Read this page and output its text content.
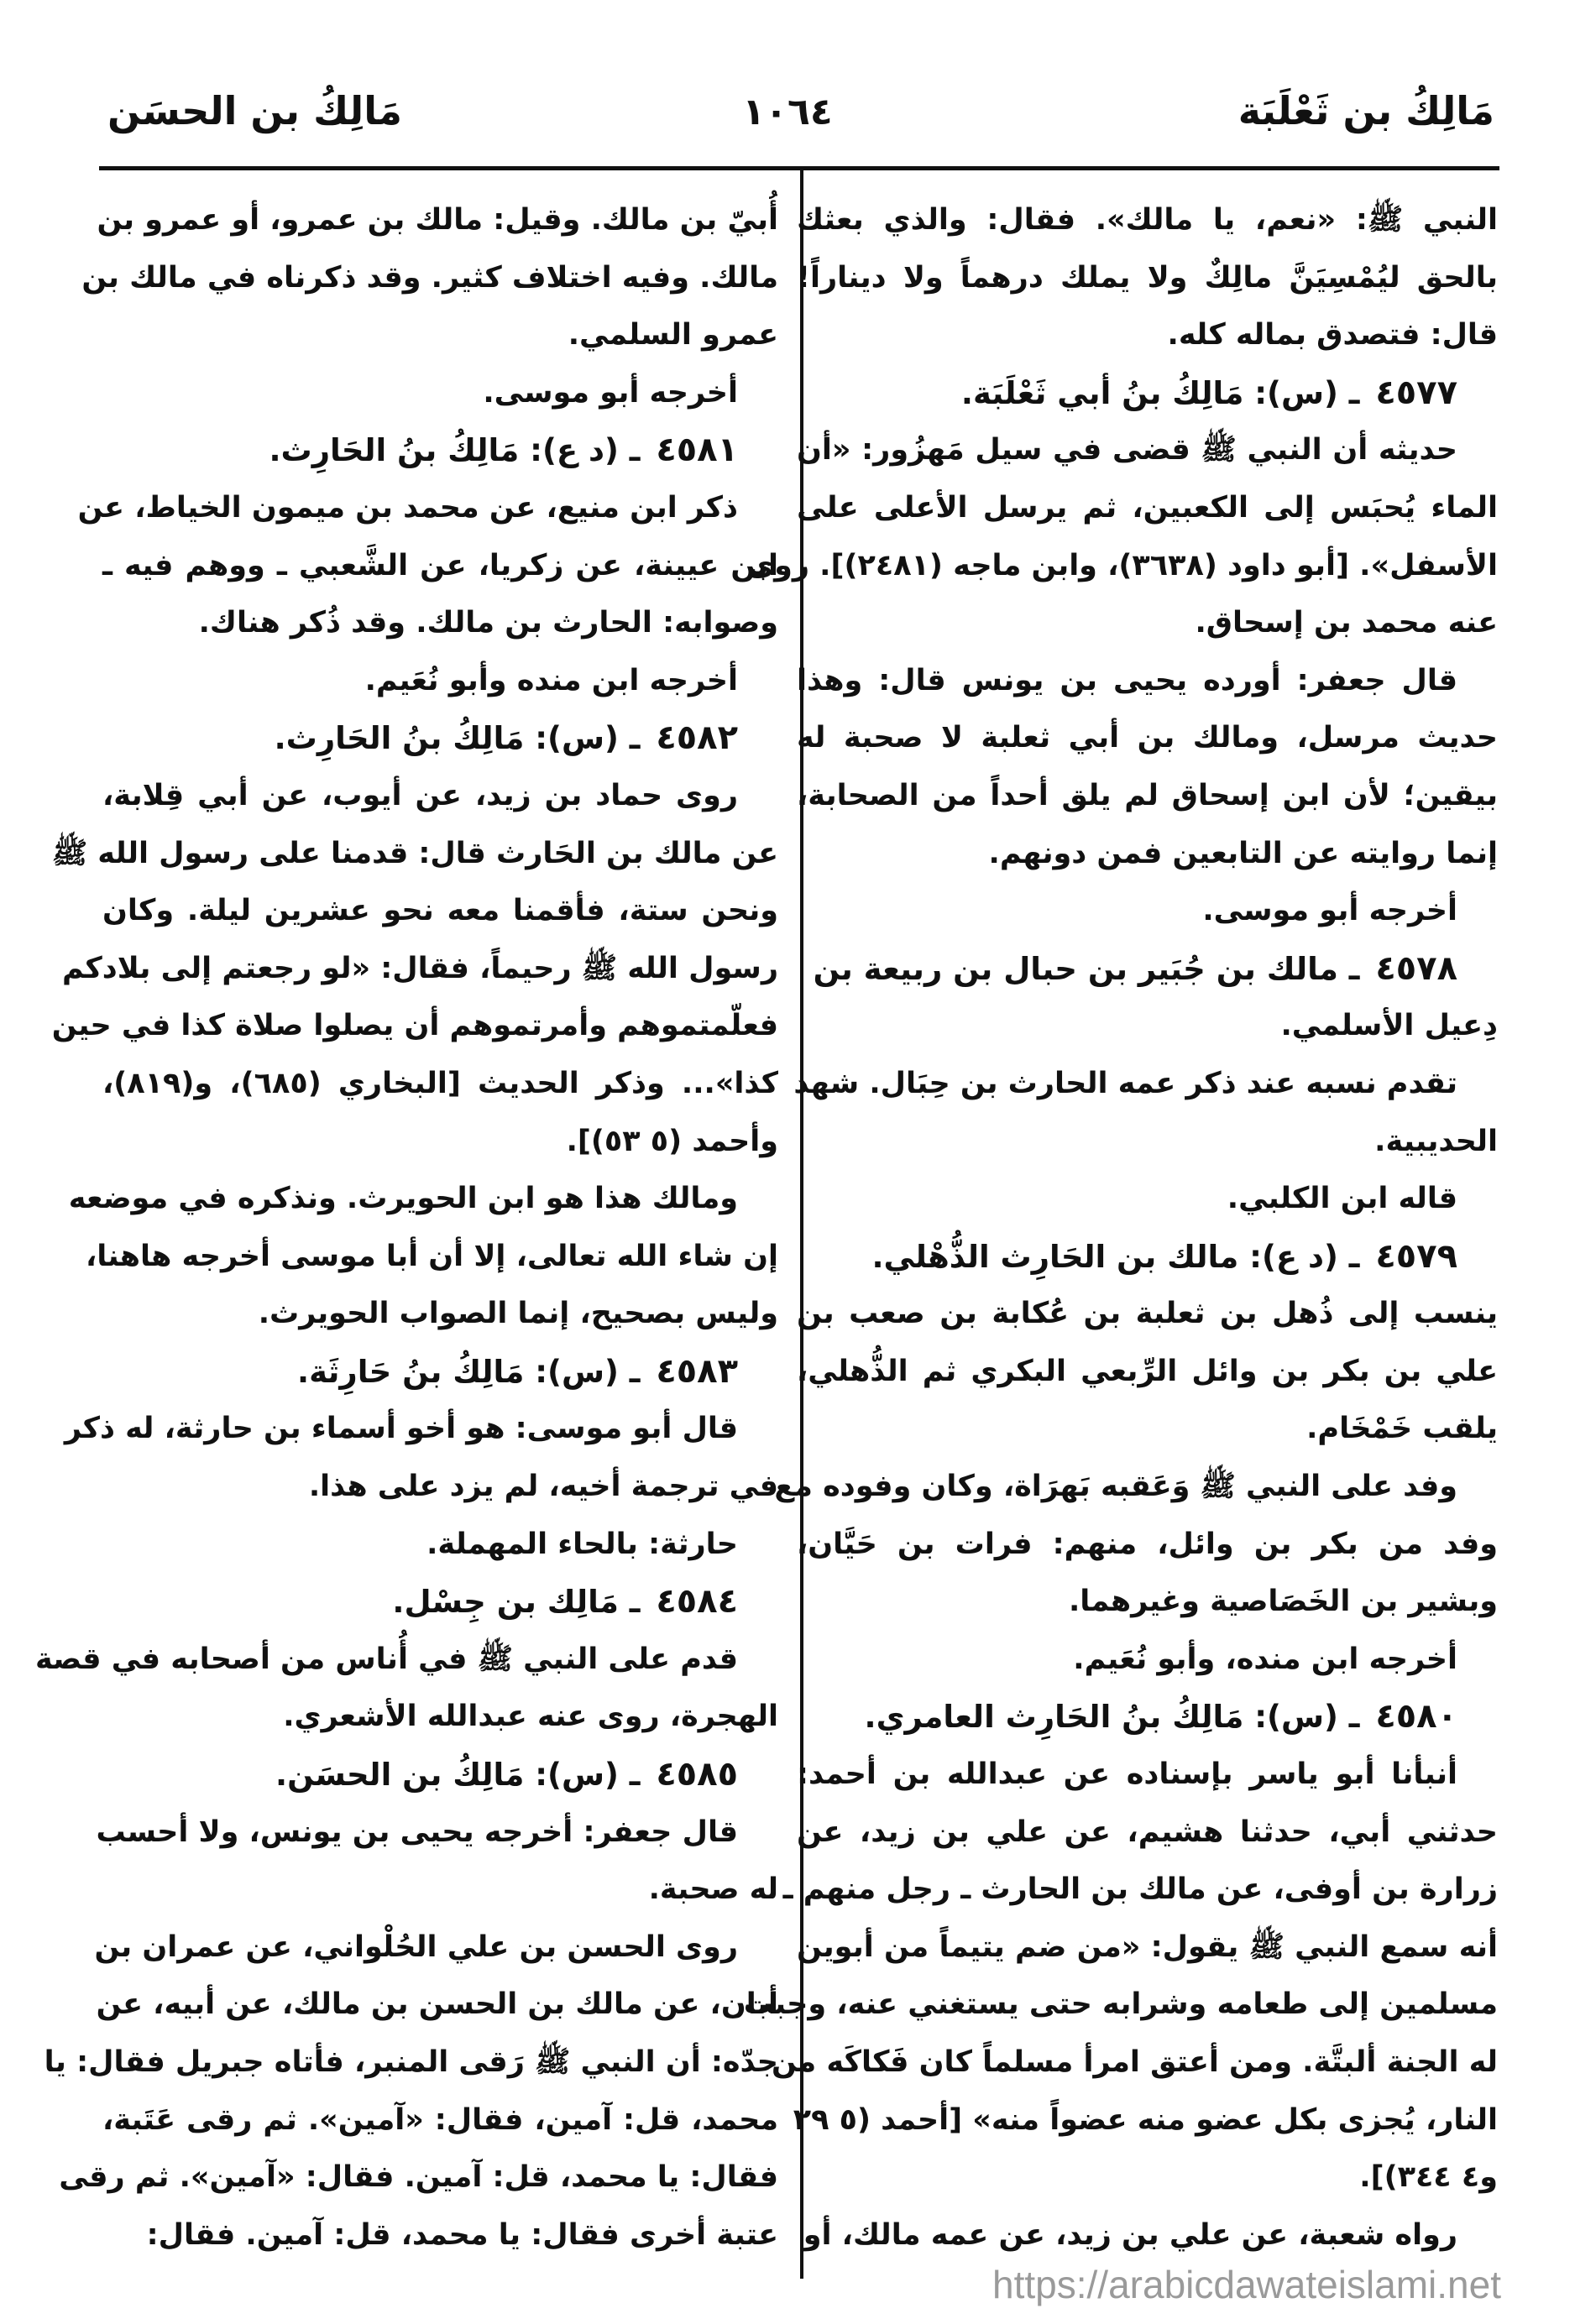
مَالِكُ بن ثَعْلَبَة
١٠٦٤
مَالِكُ بن الحسَن
النبي ﷺ: «نعم، يا مالك». فقال: والذي بعثك
بالحق ليُمْسِيَنَّ مالِكٌ ولا يملك درهماً ولا ديناراً!
قال: فتصدق بماله كله.
٤٥٧٧ ـ (س): مَالِكُ بنُ أبي ثَعْلَبَة.
حديثه أن النبي ﷺ قضى في سيل مَهزُور: «أن
الماء يُحبَس إلى الكعبين، ثم يرسل الأعلى على
الأسفل». [أبو داود (٣٦٣٨)، وابن ماجه (٢٤٨١)]. روى
عنه محمد بن إسحاق.
قال جعفر: أورده يحيى بن يونس قال: وهذا
حديث مرسل، ومالك بن أبي ثعلبة لا صحبة له
بيقين؛ لأن ابن إسحاق لم يلق أحداً من الصحابة،
إنما روايته عن التابعين فمن دونهم.
أخرجه أبو موسى.
٤٥٧٨ ـ مالك بن جُبَير بن حبال بن ربيعة بن
دِعيل الأسلمي.
تقدم نسبه عند ذكر عمه الحارث بن حِبَال. شهد
الحديبية.
قاله ابن الكلبي.
٤٥٧٩ ـ (د ع): مالك بن الحَارِث الذُّهْلي.
ينسب إلى ذُهل بن ثعلبة بن عُكابة بن صعب بن
علي بن بكر بن وائل الرِّبعي البكري ثم الذُّهلي،
يلقب خَمْخَام.
وفد على النبي ﷺ وَعَقبه بَهرَاة، وكان وفوده مع
وفد من بكر بن وائل، منهم: فرات بن حَيَّان،
وبشير بن الخَصَاصية وغيرهما.
أخرجه ابن منده، وأبو نُعَيم.
٤٥٨٠ ـ (س): مَالِكُ بنُ الحَارِث العامري.
أنبأنا أبو ياسر بإسناده عن عبدالله بن أحمد:
حدثني أبي، حدثنا هشيم، عن علي بن زيد، عن
زرارة بن أوفى، عن مالك بن الحارث ـ رجل منهم ـ
أنه سمع النبي ﷺ يقول: «من ضم يتيماً من أبوين
مسلمين إلى طعامه وشرابه حتى يستغني عنه، وجبت
له الجنة ألبتَّة. ومن أعتق امرأ مسلماً كان فَكاكَه من
النار، يُجزى بكل عضو منه عضواً منه» [أحمد (٥ ٢٩
و٤ ٣٤٤)].
رواه شعبة، عن علي بن زيد، عن عمه مالك، أو
أُبيّ بن مالك. وقيل: مالك بن عمرو، أو عمرو بن
مالك. وفيه اختلاف كثير. وقد ذكرناه في مالك بن
عمرو السلمي.
أخرجه أبو موسى.
٤٥٨١ ـ (د ع): مَالِكُ بنُ الحَارِث.
ذكر ابن منيع، عن محمد بن ميمون الخياط، عن
ابن عيينة، عن زكريا، عن الشَّعبي ـ ووهم فيه ـ
وصوابه: الحارث بن مالك. وقد ذُكر هناك.
أخرجه ابن منده وأبو نُعَيم.
٤٥٨٢ ـ (س): مَالِكُ بنُ الحَارِث.
روى حماد بن زيد، عن أيوب، عن أبي قِلابة،
عن مالك بن الحَارث قال: قدمنا على رسول الله ﷺ
ونحن ستة، فأقمنا معه نحو عشرين ليلة. وكان
رسول الله ﷺ رحيماً، فقال: «لو رجعتم إلى بلادكم
فعلّمتموهم وأمرتموهم أن يصلوا صلاة كذا في حين
كذا»... وذكر الحديث [البخاري (٦٨٥)، و(٨١٩)،
وأحمد (٥ ٥٣)].
ومالك هذا هو ابن الحويرث. ونذكره في موضعه
إن شاء الله تعالى، إلا أن أبا موسى أخرجه هاهنا،
وليس بصحيح، إنما الصواب الحويرث.
٤٥٨٣ ـ (س): مَالِكُ بنُ حَارِثَة.
قال أبو موسى: هو أخو أسماء بن حارثة، له ذكر
في ترجمة أخيه، لم يزد على هذا.
حارثة: بالحاء المهملة.
٤٥٨٤ ـ مَالِك بن جِسْل.
قدم على النبي ﷺ في أُناس من أصحابه في قصة
الهجرة، روى عنه عبدالله الأشعري.
٤٥٨٥ ـ (س): مَالِكُ بن الحسَن.
قال جعفر: أخرجه يحيى بن يونس، ولا أحسب
له صحبة.
روى الحسن بن علي الحُلْواني، عن عمران بن
أبان، عن مالك بن الحسن بن مالك، عن أبيه، عن
جدّه: أن النبي ﷺ رَقى المنبر، فأتاه جبريل فقال: يا
محمد، قل: آمين، فقال: «آمين». ثم رقى عَتَبة،
فقال: يا محمد، قل: آمين. فقال: «آمين». ثم رقى
عتبة أخرى فقال: يا محمد، قل: آمين. فقال:
https://arabicdawateislami.net
